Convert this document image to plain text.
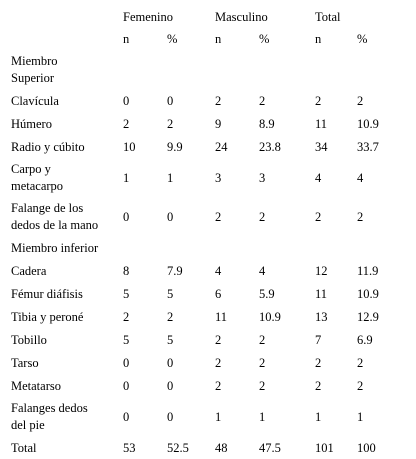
	Femenino		Masculino		Total	
	n	%	n	%	n	%

Miembro
Superior						

Clavícula	0	0	2	2	2	2
Húmero	2	2	9	8.9	11	10.9
Radio y cúbito	10	9.9	24	23.8	34	33.7

Carpo y
metacarpo	1	1	3	3	4	4

Falange de los
dedos de la mano	0	0	2	2	2	2
Miembro inferior						
Cadera	8	7.9	4	4	12	11.9
Fémur diáfisis	5	5	6	5.9	11	10.9
Tibia y peroné	2	2	11	10.9	13	12.9
Tobillo	5	5	2	2	7	6.9
Tarso	0	0	2	2	2	2
Metatarso	0	0	2	2	2	2

Falanges dedos
del pie	0	0	1	1	1	1
Total	53	52.5	48	47.5	101	100
